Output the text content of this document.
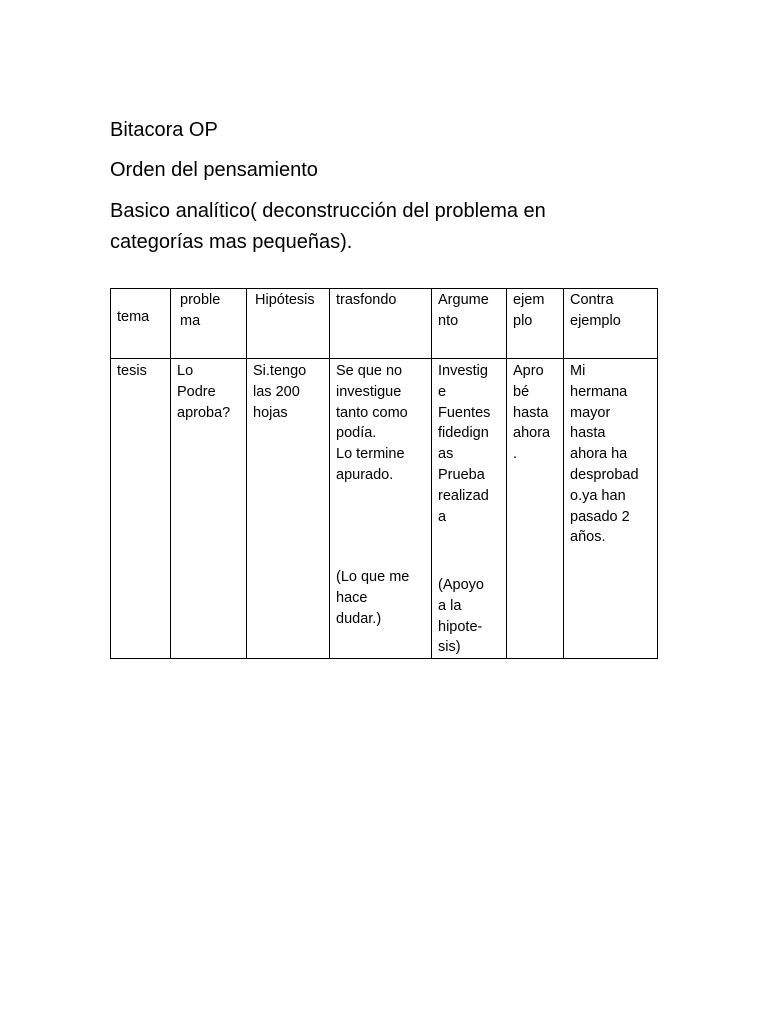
Bitacora OP
Orden del pensamiento
Basico analítico( deconstrucción del problema en
categorías mas pequeñas).
tema
proble
ma
Hipótesis trasfondo	Argume
nto
ejem
plo
Contra
ejemplo
tesis Lo
Podre
aproba?
Si.tengo
las 200
hojas
Se que no
investigue
tanto como
podía.
Lo termine
apurado.
(Lo que me
hace
dudar.)
Investig
e
Fuentes
fidedign
as
Prueba
realizad
a
(Apoyo
a la
hipote-
sis)
Apro
bé
hasta
ahora
.
Mi
hermana
mayor
hasta
ahora ha
desprobad
o.ya han
pasado 2
años.
